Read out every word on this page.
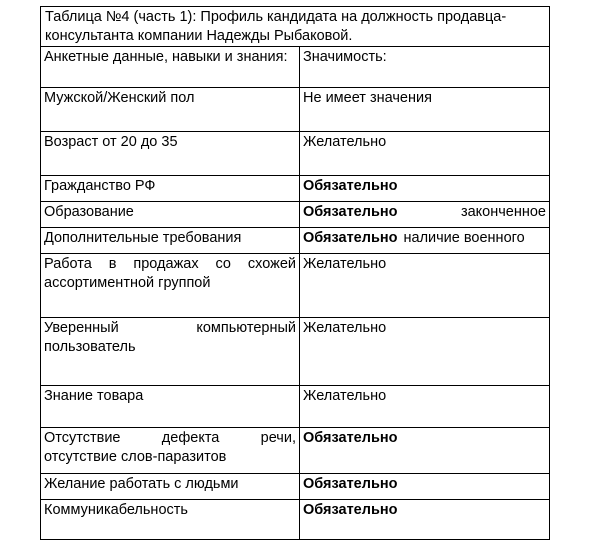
Таблица №4 (часть 1): Профиль кандидата на должность продавца-консультанта компании Надежды Рыбаковой.
Анкетные данные, навыки и знания:	Значимость:
Мужской/Женский пол	Не имеет значения
Возраст от 20 до 35	Желательно
Гражданство РФ	Обязательно
Образование	Обязательно законченное

Дополнительные требования	Обязательно наличие военного

Работа в продажах со схожей ассортиментной группой	Желательно
Уверенный компьютерный пользователь	Желательно
Знание товара	Желательно
Отсутствие дефекта речи, отсутствие слов-паразитов	Обязательно
Желание работать с людьми	Обязательно
Коммуникабельность	Обязательно
